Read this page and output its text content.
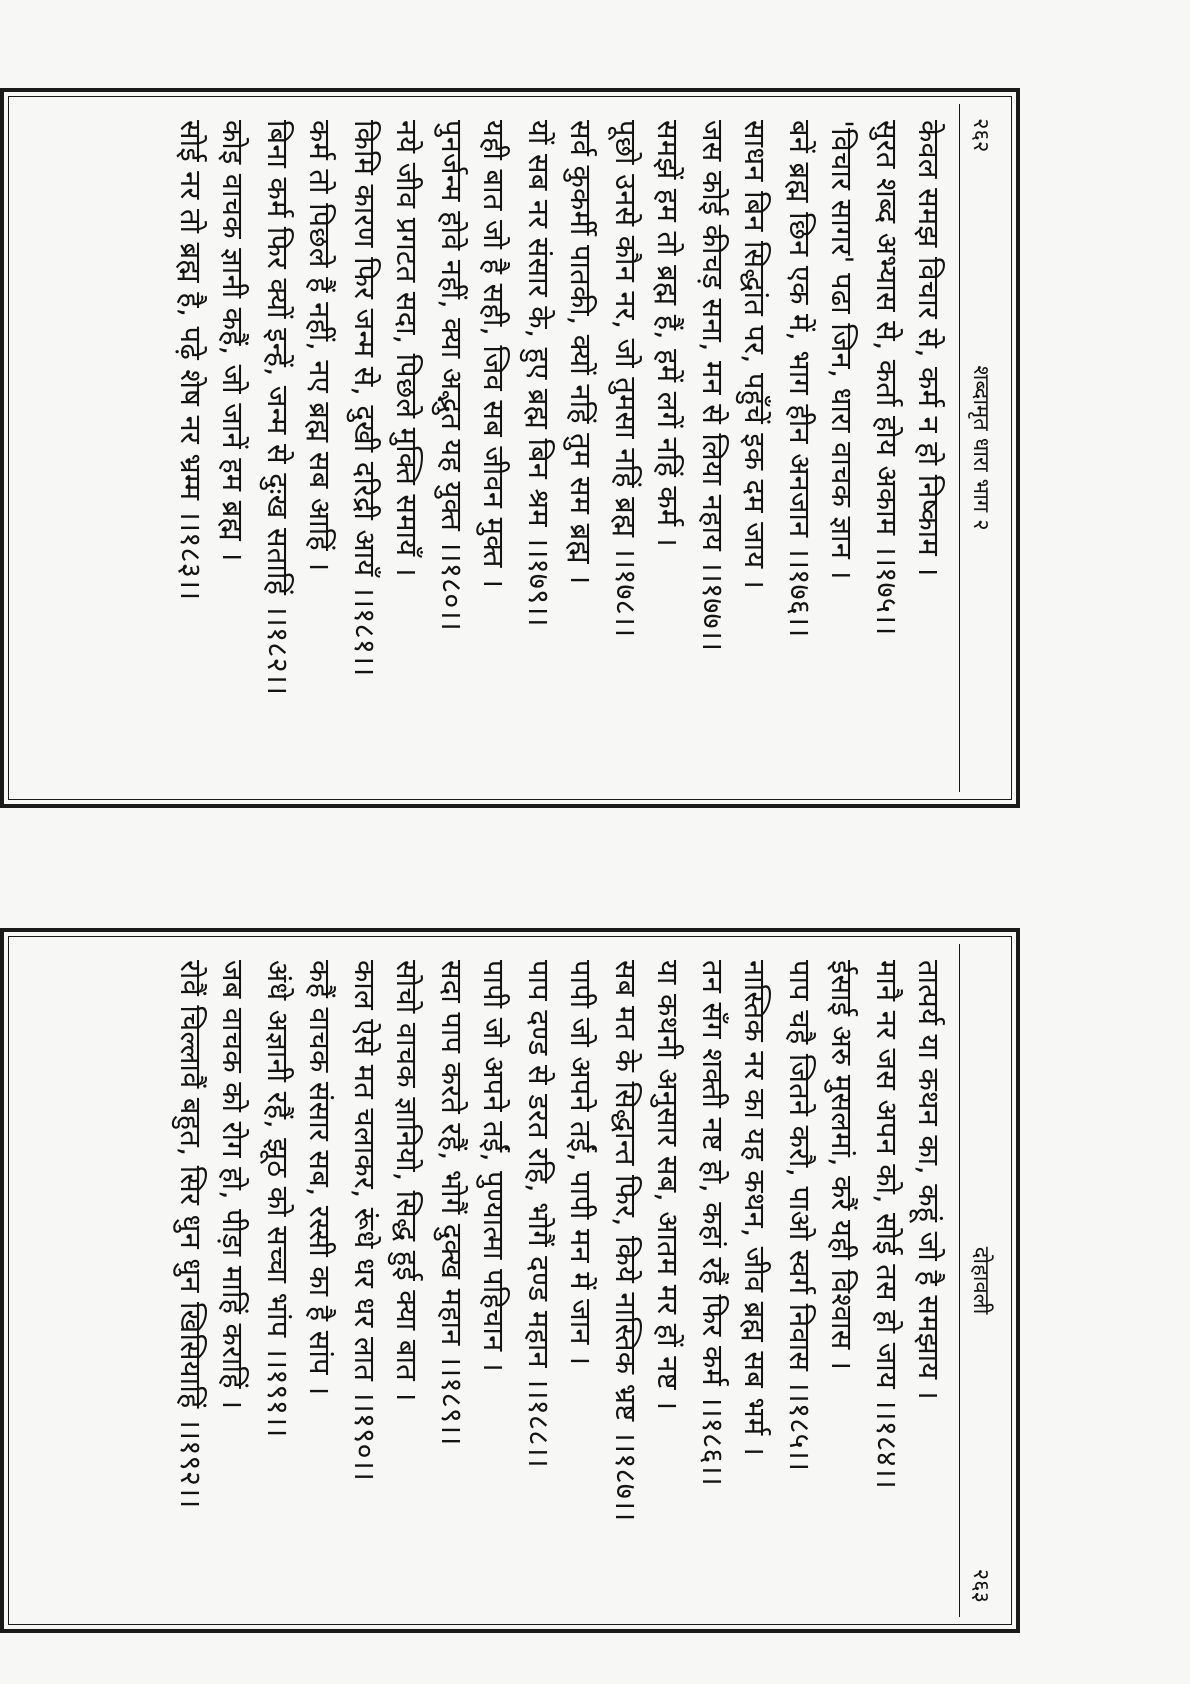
२६२
शब्दामृत धारा भाग २
केवल समझ विचार से, कर्म न हो निष्काम ।
सुरत शब्द अभ्यास से, कर्ता होय अकाम ।।१७५।।
'विचार सागर' पढा जिन, धारा वाचक ज्ञान ।
बनें ब्रह्म छिन एक में, भाग हीन अनजान ।।१७६।।
साधन बिन सिद्धांत पर, पहुँचें इक दम जाय ।
जस कोई कीचड़ सना, मन से लिया नहाय ।।१७७।।
समझें हम तो ब्रह्म हैं, हमें लगें नहिं कर्म ।
पूछो उनसे कौन नर, जो तुमसा नहिं ब्रह्म ।।१७८।।
सर्व कुकर्मी पातकी, क्यों नहिं तुम सम ब्रह्म ।
यों सब नर संसार के, हुए ब्रह्म बिन श्रम ।।१७९।।
यही बात जो है सही, जिव सब जीवन मुक्त ।
पुनर्जन्म होवे नहीं, क्या अद्भुत यह युक्त ।।१८०।।
नये जीव प्रगटत सदा, पिछले मुक्ति समायँ ।
किमि कारण फिर जन्म से, दुखी दरिद्री आयँ ।।१८१।।
कर्म तो पिछले हैं नहीं, नए ब्रह्म सब आहिं ।
बिना कर्म फिर क्यों इन्हें, जन्म से दुःख सताहिं ।।१८२।।
कोइ वाचक ज्ञानी कहैं, जो जानें हम ब्रह्म ।
सोई नर तो ब्रह्म है, पढ़े शेष नर भ्रम्म ।।१८३।।
दोहावली
२६३
तात्पर्य या कथन का, कहूं जो है समझाय ।
मानै नर जस अपन को, सोई तस हो जाय ।।१८४।।
ईसाई अरु मुसलमां, करैं यही विश्वास ।
पाप चहै जितने करौ, पाओ स्वर्ग निवास ।।१८५।।
नास्तिक नर का यह कथन, जीव ब्रह्म सब भर्म ।
तन सँग शक्ती नष्ट हो, कहां रहैं फिर कर्म ।।१८६।।
या कथनी अनुसार सब, आतम मर हों नष्ट ।
सब मत के सिद्धान्त फिर, किये नास्तिक भ्रष्ट ।।१८७।।
पापी जो अपने तईं, पापी मन में जान ।
पाप दण्ड से डरत रहि, भोगैं दण्ड महान ।।१८८।।
पापी जो अपने तईं, पुण्यात्मा पहिचान ।
सदा पाप करते रहैं, भोगैं दुक्ख महान ।।१८९।।
सोचो वाचक ज्ञानियो, सिद्ध हुई क्या बात ।
काल ऐसे मत चलाकर, रूंधे धर धर लात ।।१९०।।
कहैं वाचक संसार सब, रस्सी का है सांप ।
अंधे अज्ञानी रहैं, झूठ को सच्चा भांप ।।१९१।।
जब वाचक को रोग हो, पीड़ा माहिं कराहिं ।
रोवैं चिल्लावैं बहुत, सिर धुन धुन खिसियाहिं ।।१९२।।
